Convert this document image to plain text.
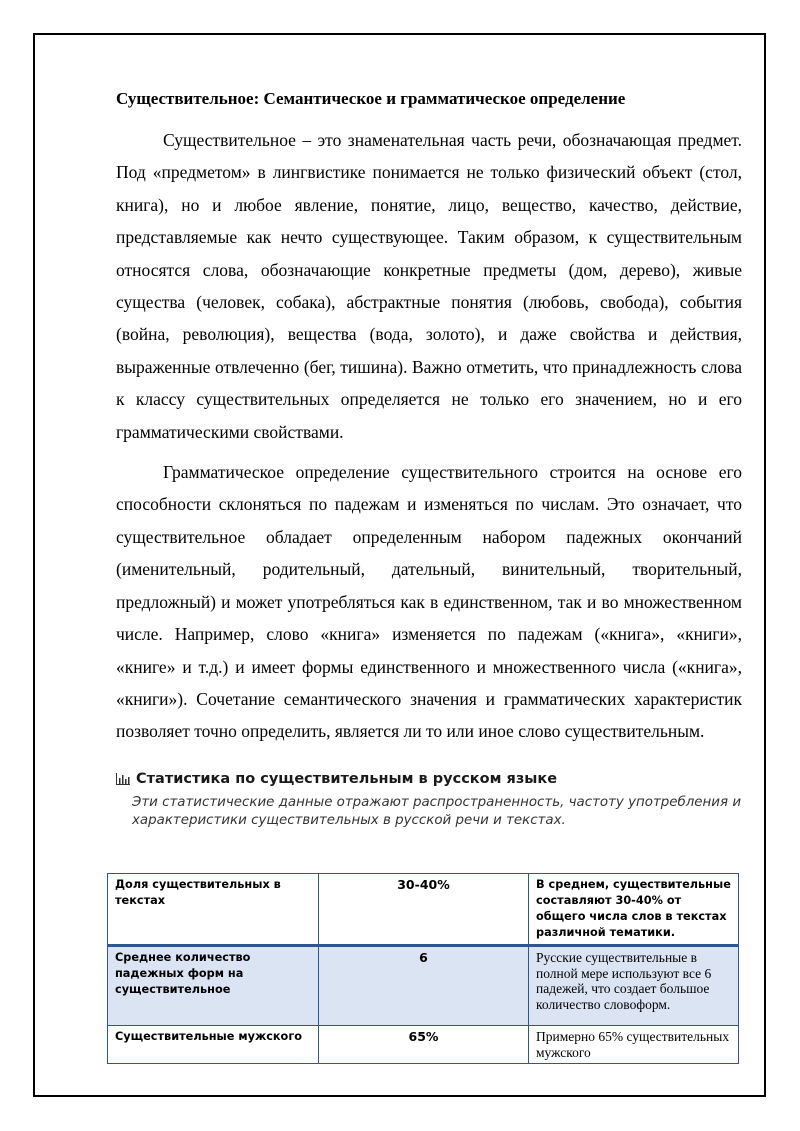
Существительное: Семантическое и грамматическое определение

Существительное – это знаменательная часть речи, обозначающая предмет. Под «предметом» в лингвистике понимается не только физический объект (стол, книга), но и любое явление, понятие, лицо, вещество, качество, действие, представляемые как нечто существующее. Таким образом, к существительным относятся слова, обозначающие конкретные предметы (дом, дерево), живые существа (человек, собака), абстрактные понятия (любовь, свобода), события (война, революция), вещества (вода, золото), и даже свойства и действия, выраженные отвлеченно (бег, тишина). Важно отметить, что принадлежность слова к классу существительных определяется не только его значением, но и его грамматическими свойствами.

Грамматическое определение существительного строится на основе его способности склоняться по падежам и изменяться по числам. Это означает, что существительное обладает определенным набором падежных окончаний (именительный, родительный, дательный, винительный, творительный, предложный) и может употребляться как в единственном, так и во множественном числе. Например, слово «книга» изменяется по падежам («книга», «книги», «книге» и т.д.) и имеет формы единственного и множественного числа («книга», «книги»). Сочетание семантического значения и грамматических характеристик позволяет точно определить, является ли то или иное слово существительным.

Статистика по существительным в русском языке
Эти статистические данные отражают распространенность, частоту употребления и характеристики существительных в русской речи и текстах.
Доля существительных в текстах	30-40%	В среднем, существительные составляют 30-40% от общего числа слов в текстах различной тематики.
Среднее количество падежных форм на существительное	6	Русские существительные в полной мере используют все 6 падежей, что создает большое количество словоформ.
Существительные мужского	65%	Примерно 65% существительных мужского
